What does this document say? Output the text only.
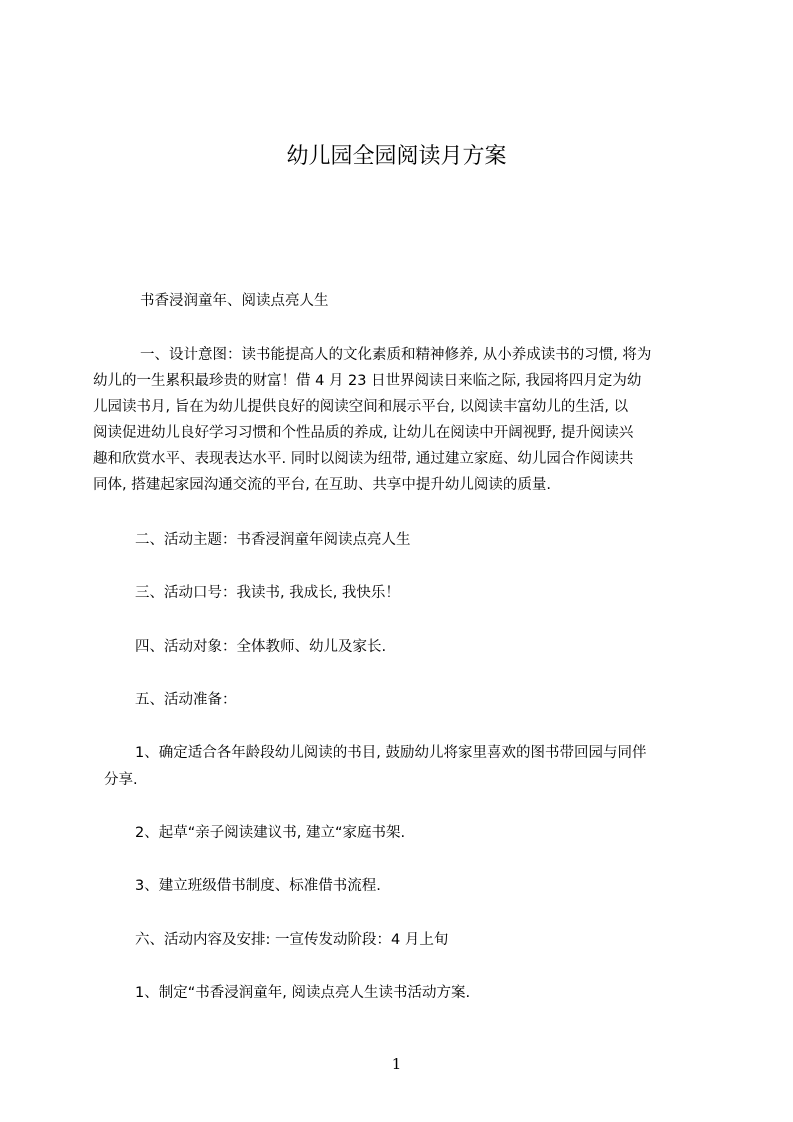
幼儿园全园阅读月方案
书香浸润童年、阅读点亮人生
一、设计意图：读书能提高人的文化素质和精神修养, 从小养成读书的习惯, 将为
幼儿的一生累积最珍贵的财富！借 4 月 23 日世界阅读日来临之际, 我园将四月定为幼
儿园读书月, 旨在为幼儿提供良好的阅读空间和展示平台, 以阅读丰富幼儿的生活, 以
阅读促进幼儿良好学习习惯和个性品质的养成, 让幼儿在阅读中开阔视野, 提升阅读兴
趣和欣赏水平、表现表达水平. 同时以阅读为纽带, 通过建立家庭、幼儿园合作阅读共
同体, 搭建起家园沟通交流的平台, 在互助、共享中提升幼儿阅读的质量.
二、活动主题：书香浸润童年阅读点亮人生
三、活动口号：我读书, 我成长, 我快乐！
四、活动对象：全体教师、幼儿及家长.
五、活动准备：
1、确定适合各年龄段幼儿阅读的书目, 鼓励幼儿将家里喜欢的图书带回园与同伴
分享.
2、起草“亲子阅读建议书, 建立“家庭书架.
3、建立班级借书制度、标准借书流程.
六、活动内容及安排: 一宣传发动阶段：4 月上旬
1、制定“书香浸润童年, 阅读点亮人生读书活动方案.
1
